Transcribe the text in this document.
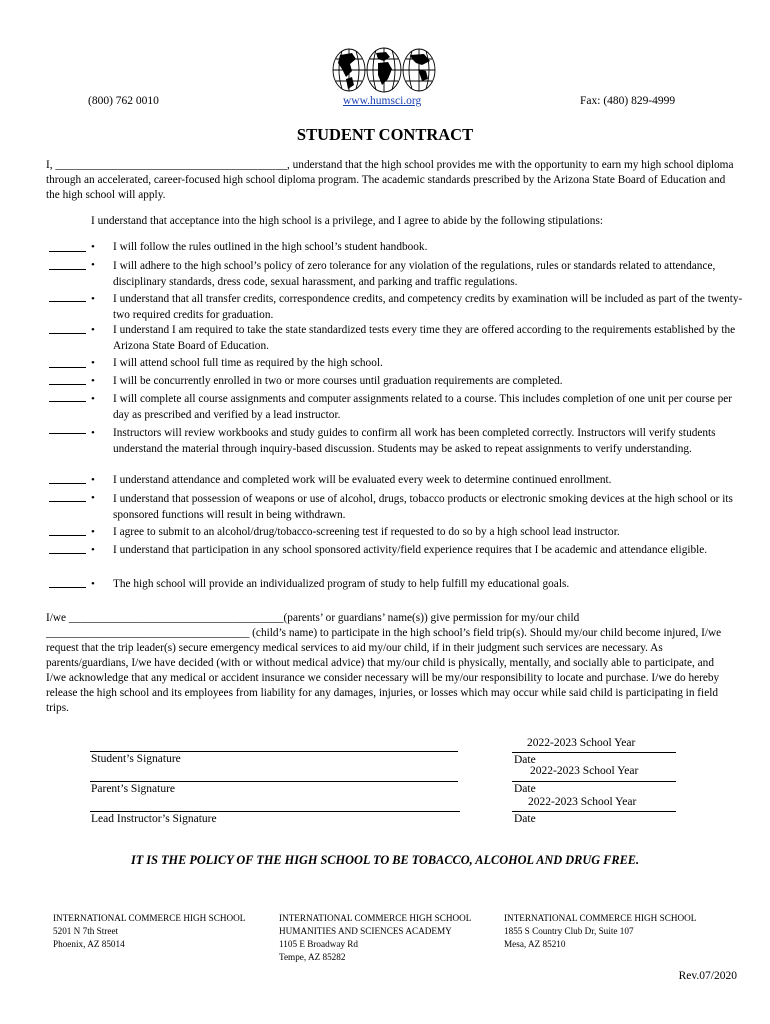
(800) 762 0010	www.humsci.org	Fax: (480) 829-4999
STUDENT CONTRACT
I, _________________________________________, understand that the high school provides me with the opportunity to earn my high school diploma through an accelerated, career-focused high school diploma program. The academic standards prescribed by the Arizona State Board of Education and the high school will apply.
I understand that acceptance into the high school is a privilege, and I agree to abide by the following stipulations:
• I will follow the rules outlined in the high school’s student handbook.
• I will adhere to the high school’s policy of zero tolerance for any violation of the regulations, rules or standards related to attendance, disciplinary standards, dress code, sexual harassment, and parking and traffic regulations.
• I understand that all transfer credits, correspondence credits, and competency credits by examination will be included as part of the twenty-two required credits for graduation.
• I understand I am required to take the state standardized tests every time they are offered according to the requirements established by the Arizona State Board of Education.
• I will attend school full time as required by the high school.
• I will be concurrently enrolled in two or more courses until graduation requirements are completed.
• I will complete all course assignments and computer assignments related to a course. This includes completion of one unit per course per day as prescribed and verified by a lead instructor.
• Instructors will review workbooks and study guides to confirm all work has been completed correctly. Instructors will verify students understand the material through inquiry-based discussion. Students may be asked to repeat assignments to verify understanding.
• I understand attendance and completed work will be evaluated every week to determine continued enrollment.
• I understand that possession of weapons or use of alcohol, drugs, tobacco products or electronic smoking devices at the high school or its sponsored functions will result in being withdrawn.
• I agree to submit to an alcohol/drug/tobacco-screening test if requested to do so by a high school lead instructor.
• I understand that participation in any school sponsored activity/field experience requires that I be academic and attendance eligible.
• The high school will provide an individualized program of study to help fulfill my educational goals.
I/we ______________________________________(parents’ or guardians’ name(s)) give permission for my/our child ____________________________________ (child’s name) to participate in the high school’s field trip(s). Should my/our child become injured, I/we request that the trip leader(s) secure emergency medical services to aid my/our child, if in their judgment such services are necessary. As parents/guardians, I/we have decided (with or without medical advice) that my/our child is physically, mentally, and socially able to participate, and I/we acknowledge that any medical or accident insurance we consider necessary will be my/our responsibility to locate and purchase. I/we do hereby release the high school and its employees from liability for any damages, injuries, or losses which may occur while said child is participating in field trips.
Student’s Signature
2022-2023 School Year
Date
Parent’s Signature
2022-2023 School Year
Date
Lead Instructor’s Signature
2022-2023 School Year
Date
IT IS THE POLICY OF THE HIGH SCHOOL TO BE TOBACCO, ALCOHOL AND DRUG FREE.
INTERNATIONAL COMMERCE HIGH SCHOOL
5201 N 7th Street
Phoenix, AZ 85014
INTERNATIONAL COMMERCE HIGH SCHOOL
HUMANITIES AND SCIENCES ACADEMY
1105 E Broadway Rd
Tempe, AZ 85282
INTERNATIONAL COMMERCE HIGH SCHOOL
1855 S Country Club Dr, Suite 107
Mesa, AZ 85210
Rev.07/2020
